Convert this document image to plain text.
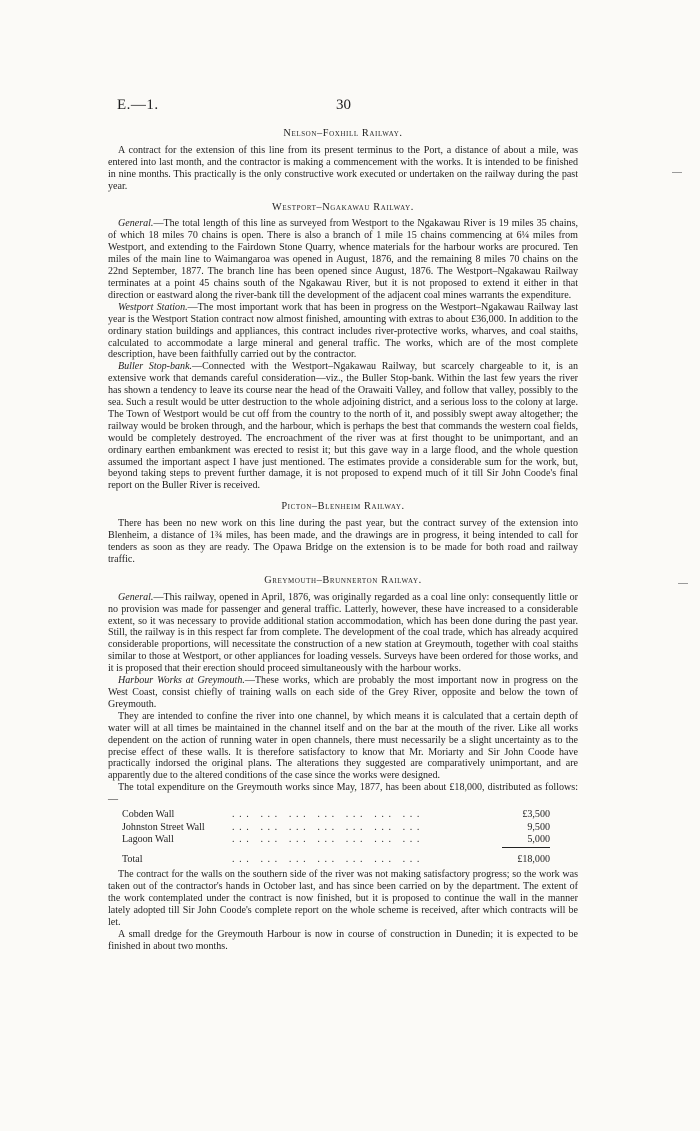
E.—1.	30
Nelson–Foxhill Railway.

A contract for the extension of this line from its present terminus to the Port, a distance of about a mile, was entered into last month, and the contractor is making a commencement with the works. It is intended to be finished in nine months. This practically is the only constructive work executed or undertaken on the railway during the past year.

Westport–Ngakawau Railway.

General.—The total length of this line as surveyed from Westport to the Ngakawau River is 19 miles 35 chains, of which 18 miles 70 chains is open. There is also a branch of 1 mile 15 chains commencing at 6¼ miles from Westport, and extending to the Fairdown Stone Quarry, whence materials for the harbour works are procured. Ten miles of the main line to Waimangaroa was opened in August, 1876, and the remaining 8 miles 70 chains on the 22nd September, 1877. The branch line has been opened since August, 1876. The Westport–Ngakawau Railway terminates at a point 45 chains south of the Ngakawau River, but it is not proposed to extend it either in that direction or eastward along the river-bank till the development of the adjacent coal mines warrants the expenditure.

Westport Station.—The most important work that has been in progress on the Westport–Ngakawau Railway last year is the Westport Station contract now almost finished, amounting with extras to about £36,000. In addition to the ordinary station buildings and appliances, this contract includes river-protective works, wharves, and coal staiths, calculated to accommodate a large mineral and general traffic. The works, which are of the most complete description, have been faithfully carried out by the contractor.

Buller Stop-bank.—Connected with the Westport–Ngakawau Railway, but scarcely chargeable to it, is an extensive work that demands careful consideration—viz., the Buller Stop-bank. Within the last few years the river has shown a tendency to leave its course near the head of the Orawaiti Valley, and follow that valley, possibly to the sea. Such a result would be utter destruction to the whole adjoining district, and a serious loss to the colony at large. The Town of Westport would be cut off from the country to the north of it, and possibly swept away altogether; the railway would be broken through, and the harbour, which is perhaps the best that commands the western coal fields, would be completely destroyed. The encroachment of the river was at first thought to be unimportant, and an ordinary earthen embankment was erected to resist it; but this gave way in a large flood, and the whole question assumed the important aspect I have just mentioned. The estimates provide a considerable sum for the work, but, beyond taking steps to prevent further damage, it is not proposed to expend much of it till Sir John Coode's final report on the Buller River is received.

Picton–Blenheim Railway.

There has been no new work on this line during the past year, but the contract survey of the extension into Blenheim, a distance of 1¾ miles, has been made, and the drawings are in progress, it being intended to call for tenders as soon as they are ready. The Opawa Bridge on the extension is to be made for both road and railway traffic.

Greymouth–Brunnerton Railway.

General.—This railway, opened in April, 1876, was originally regarded as a coal line only: consequently little or no provision was made for passenger and general traffic. Latterly, however, these have increased to a considerable extent, so it was necessary to provide additional station accommodation, which has been done during the past year. Still, the railway is in this respect far from complete. The development of the coal trade, which has already acquired considerable proportions, will necessitate the construction of a new station at Greymouth, together with coal staiths similar to those at Westport, or other appliances for loading vessels. Surveys have been ordered for those works, and it is proposed that their erection should proceed simultaneously with the harbour works.

Harbour Works at Greymouth.—These works, which are probably the most important now in progress on the West Coast, consist chiefly of training walls on each side of the Grey River, opposite and below the town of Greymouth.

They are intended to confine the river into one channel, by which means it is calculated that a certain depth of water will at all times be maintained in the channel itself and on the bar at the mouth of the river. Like all works dependent on the action of running water in open channels, there must necessarily be a slight uncertainty as to the precise effect of these walls. It is therefore satisfactory to know that Mr. Moriarty and Sir John Coode have practically indorsed the original plans. The alterations they suggested are comparatively unimportant, and are apparently due to the altered conditions of the case since the works were designed.

The total expenditure on the Greymouth works since May, 1877, has been about £18,000, distributed as follows:—

Cobden Wall	... ... ... ... ... ... ...	£3,500
Johnston Street Wall	... ... ... ... ... ... ...	9,500
Lagoon Wall	... ... ... ... ... ... ...	5,000
Total	... ... ... ... ... ... ...	£18,000

The contract for the walls on the southern side of the river was not making satisfactory progress; so the work was taken out of the contractor's hands in October last, and has since been carried on by the department. The extent of the work contemplated under the contract is now finished, but it is proposed to continue the wall in the manner lately adopted till Sir John Coode's complete report on the whole scheme is received, after which contracts will be let.

A small dredge for the Greymouth Harbour is now in course of construction in Dunedin; it is expected to be finished in about two months.
